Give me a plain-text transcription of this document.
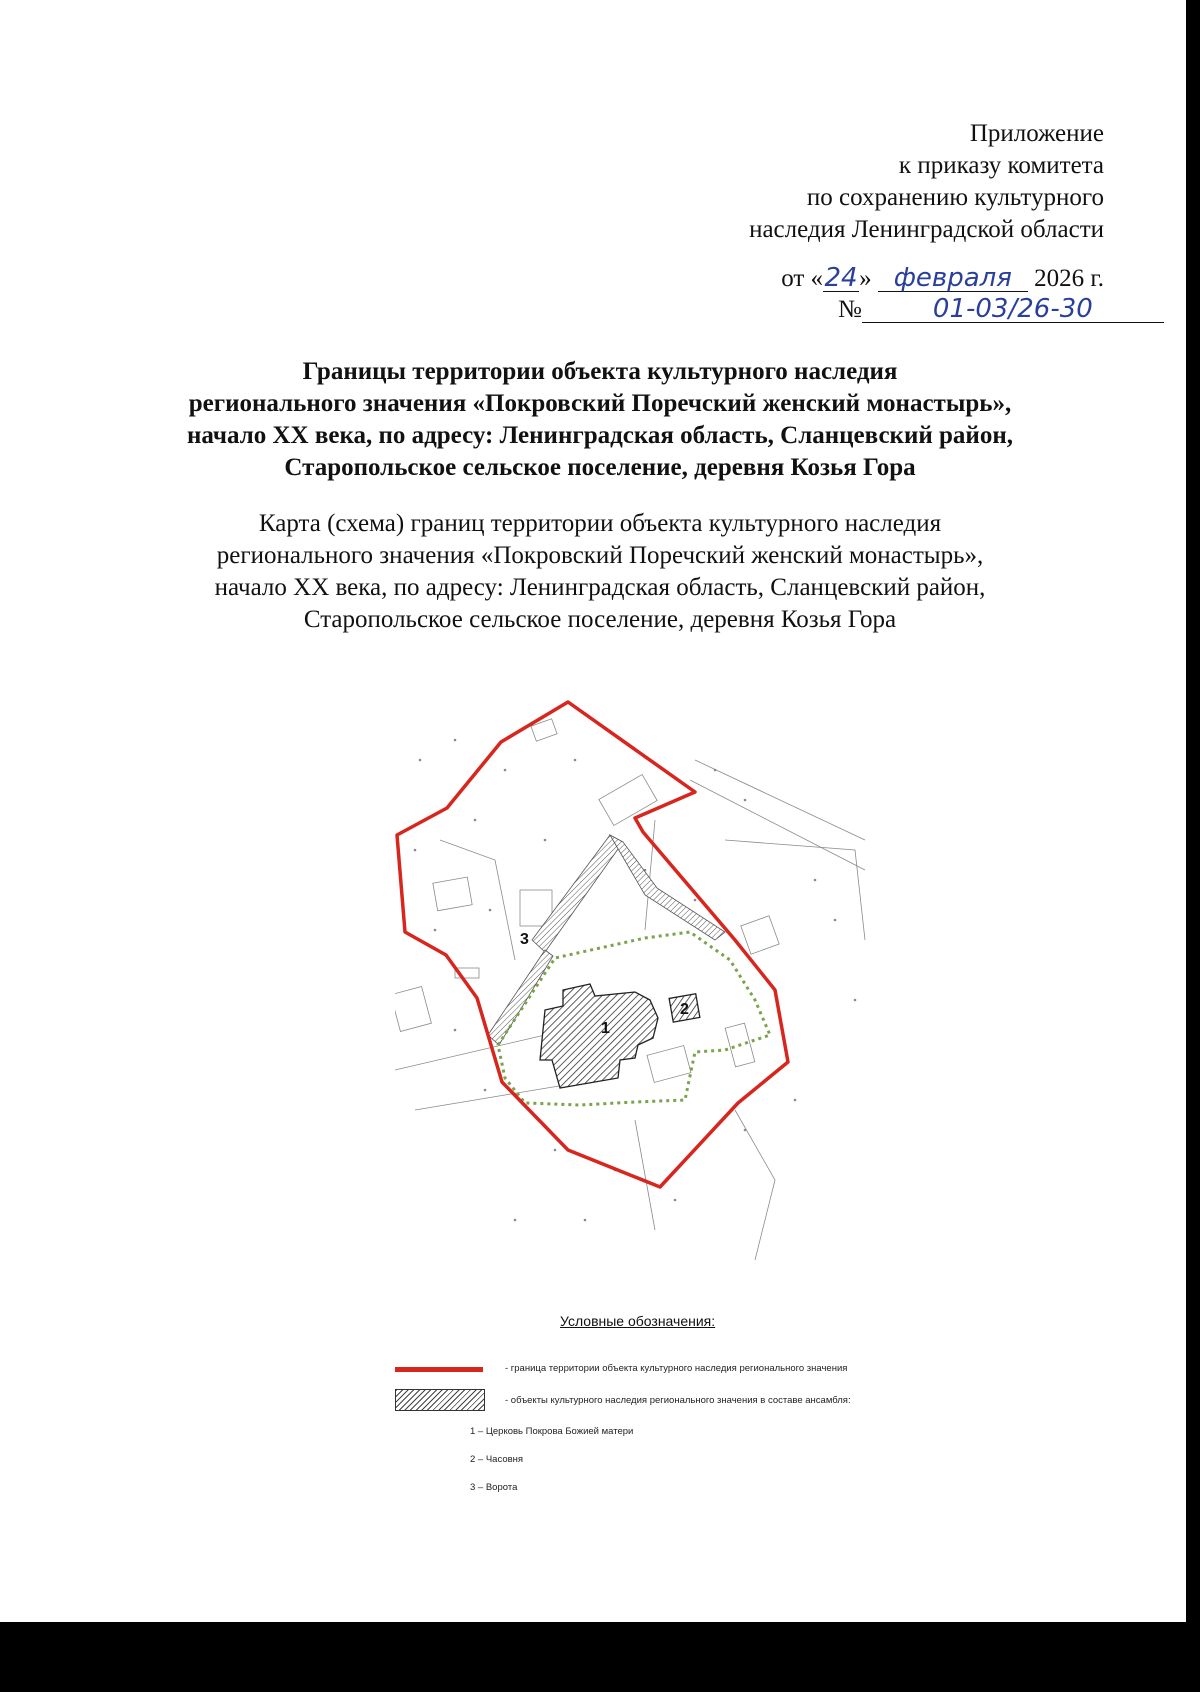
Приложение
к приказу комитета
по сохранению культурного
наследия Ленинградской области
от «24» февраля 2026 г.
№	01-03/26-30
Границы территории объекта культурного наследия
регионального значения «Покровский Поречский женский монастырь»,
начало XX века, по адресу: Ленинградская область, Сланцевский район,
Старопольское сельское поселение, деревня Козья Гора
Карта (схема) границ территории объекта культурного наследия
регионального значения «Покровский Поречский женский монастырь»,
начало XX века, по адресу: Ленинградская область, Сланцевский район,
Старопольское сельское поселение, деревня Козья Гора
1
2
3
Условные обозначения:
- граница территории объекта культурного наследия регионального значения
- объекты культурного наследия регионального значения в составе ансамбля:
1 – Церковь Покрова Божией матери
2 – Часовня
3 – Ворота
